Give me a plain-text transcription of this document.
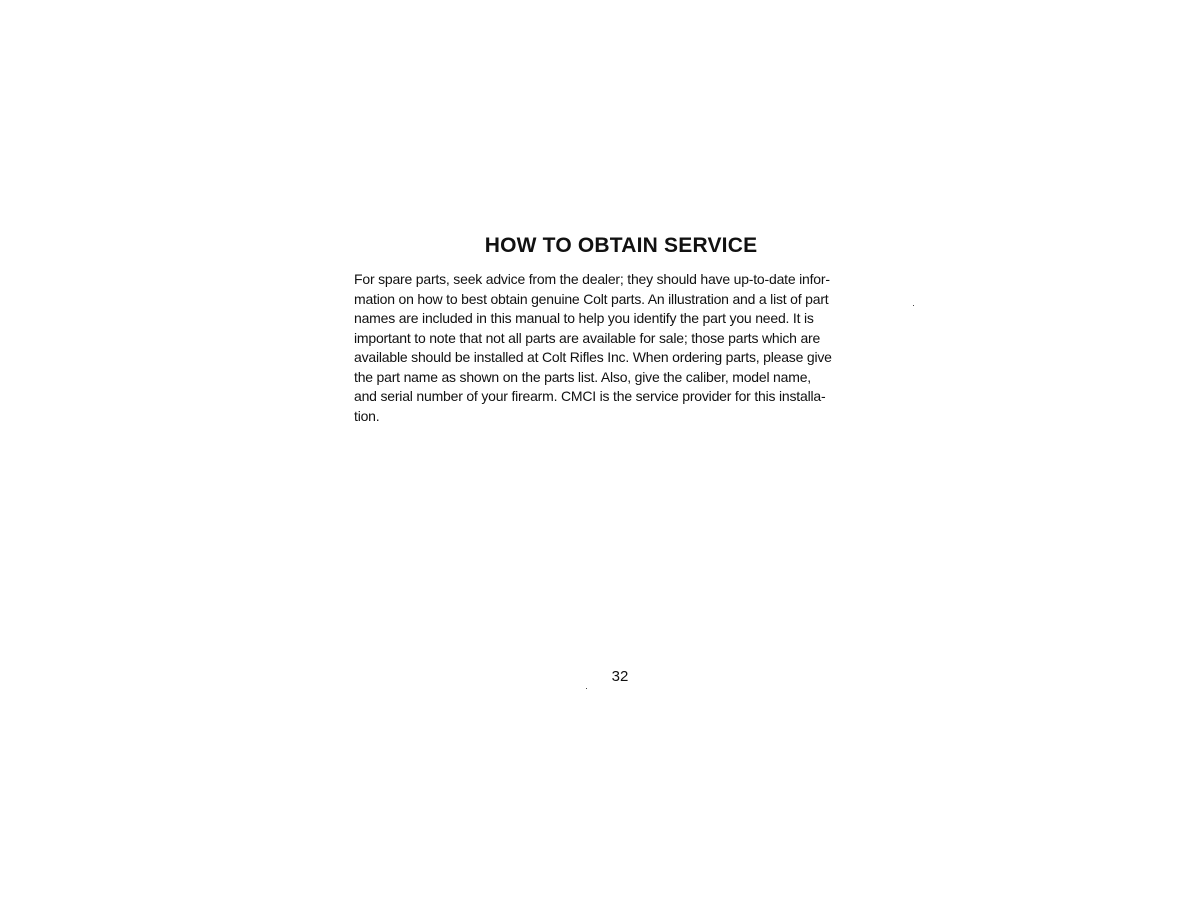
HOW TO OBTAIN SERVICE

For spare parts, seek advice from the dealer; they should have up-to-date infor-
mation on how to best obtain genuine Colt parts. An illustration and a list of part
names are included in this manual to help you identify the part you need. It is
important to note that not all parts are available for sale; those parts which are
available should be installed at Colt Rifles Inc. When ordering parts, please give
the part name as shown on the parts list. Also, give the caliber, model name,
and serial number of your firearm. CMCI is the service provider for this installa-
tion.

32
